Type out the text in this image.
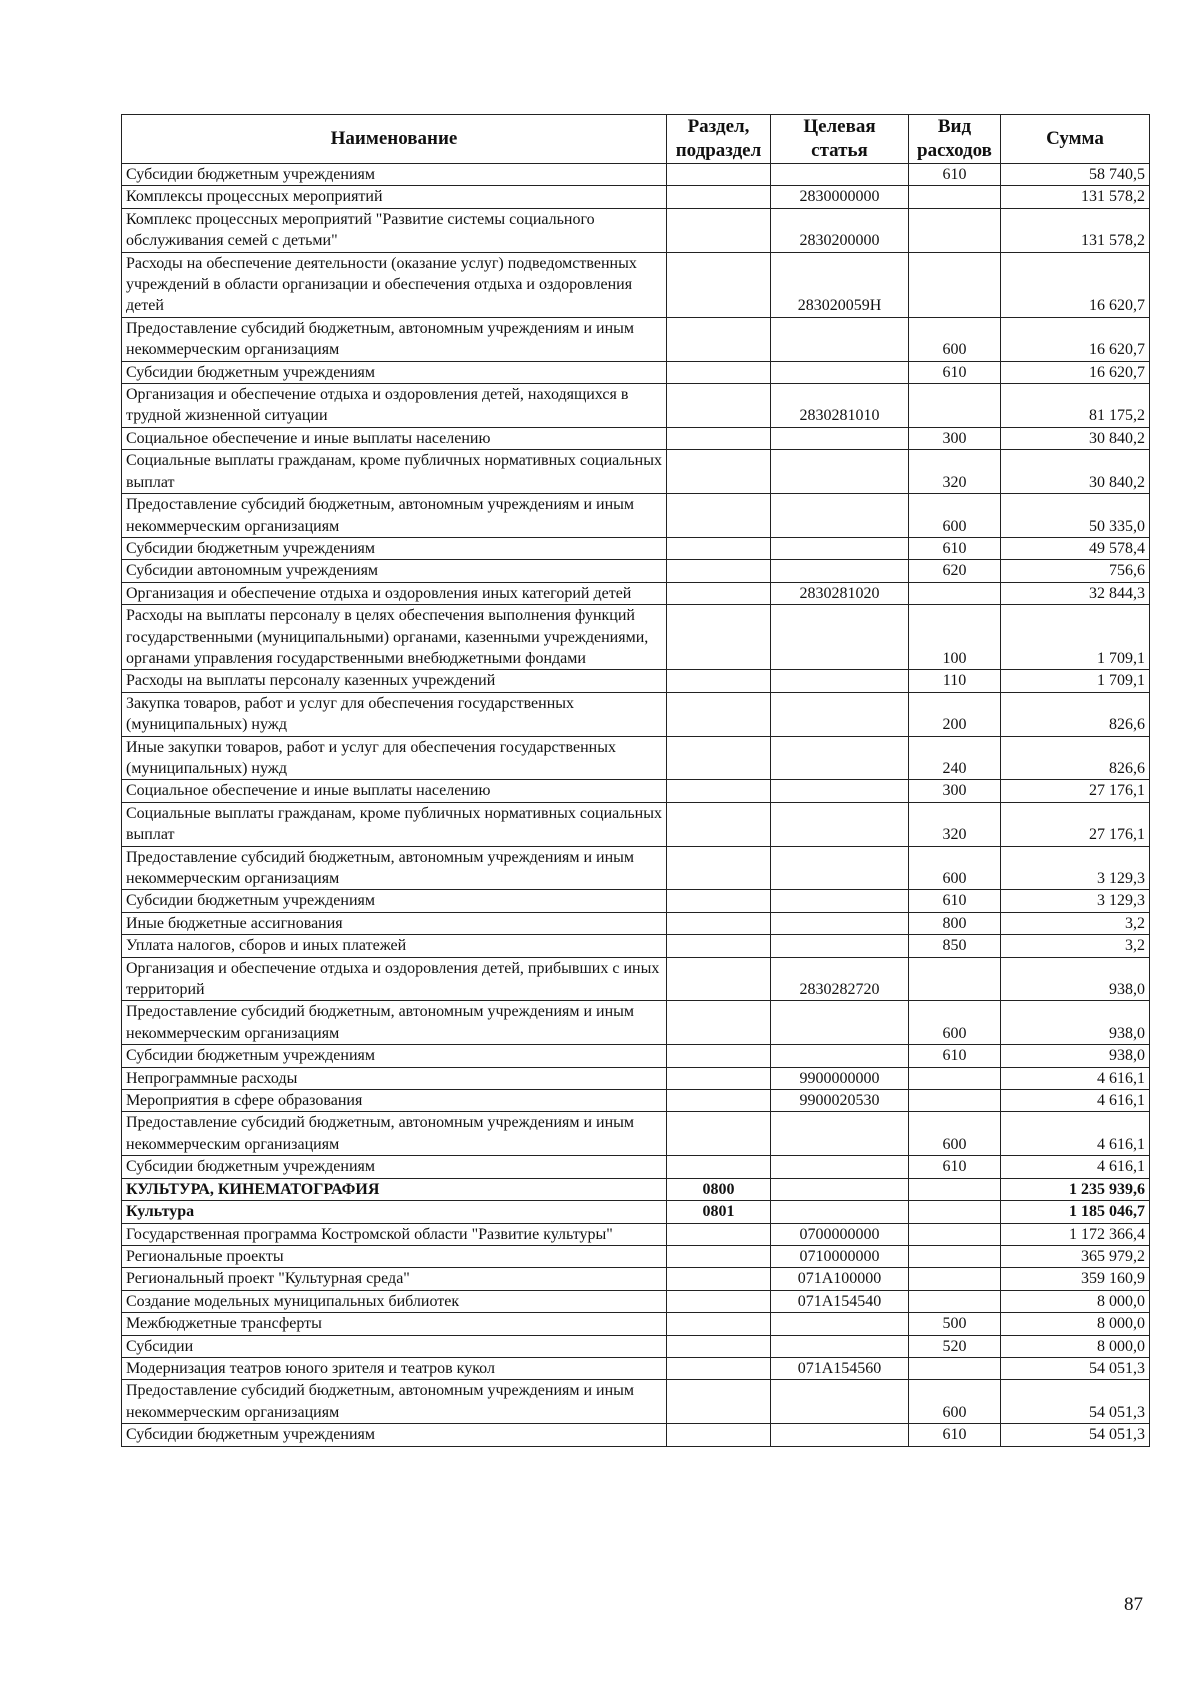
Наименование	Раздел, подраздел	Целевая статья	Вид расходов	Сумма
Субсидии бюджетным учреждениям			610	58 740,5
Комплексы процессных мероприятий		2830000000		131 578,2
Комплекс процессных мероприятий "Развитие системы социального обслуживания семей с детьми"		2830200000		131 578,2
Расходы на обеспечение деятельности (оказание услуг) подведомственных учреждений в области организации и обеспечения отдыха и оздоровления детей		283020059Н		16 620,7
Предоставление субсидий бюджетным, автономным учреждениям и иным некоммерческим организациям			600	16 620,7
Субсидии бюджетным учреждениям			610	16 620,7
Организация и обеспечение отдыха и оздоровления детей, находящихся в трудной жизненной ситуации		2830281010		81 175,2
Социальное обеспечение и иные выплаты населению			300	30 840,2
Социальные выплаты гражданам, кроме публичных нормативных социальных выплат			320	30 840,2
Предоставление субсидий бюджетным, автономным учреждениям и иным некоммерческим организациям			600	50 335,0
Субсидии бюджетным учреждениям			610	49 578,4
Субсидии автономным учреждениям			620	756,6
Организация и обеспечение отдыха и оздоровления иных категорий детей		2830281020		32 844,3
Расходы на выплаты персоналу в целях обеспечения выполнения функций государственными (муниципальными) органами, казенными учреждениями, органами управления государственными внебюджетными фондами			100	1 709,1
Расходы на выплаты персоналу казенных учреждений			110	1 709,1
Закупка товаров, работ и услуг для обеспечения государственных (муниципальных) нужд			200	826,6
Иные закупки товаров, работ и услуг для обеспечения государственных (муниципальных) нужд			240	826,6
Социальное обеспечение и иные выплаты населению			300	27 176,1
Социальные выплаты гражданам, кроме публичных нормативных социальных выплат			320	27 176,1
Предоставление субсидий бюджетным, автономным учреждениям и иным некоммерческим организациям			600	3 129,3
Субсидии бюджетным учреждениям			610	3 129,3
Иные бюджетные ассигнования			800	3,2
Уплата налогов, сборов и иных платежей			850	3,2
Организация и обеспечение отдыха и оздоровления детей, прибывших с иных территорий		2830282720		938,0
Предоставление субсидий бюджетным, автономным учреждениям и иным некоммерческим организациям			600	938,0
Субсидии бюджетным учреждениям			610	938,0
Непрограммные расходы		9900000000		4 616,1
Мероприятия в сфере образования		9900020530		4 616,1
Предоставление субсидий бюджетным, автономным учреждениям и иным некоммерческим организациям			600	4 616,1
Субсидии бюджетным учреждениям			610	4 616,1
КУЛЬТУРА, КИНЕМАТОГРАФИЯ	0800			1 235 939,6
Культура	0801			1 185 046,7
Государственная программа Костромской области "Развитие культуры"		0700000000		1 172 366,4
Региональные проекты		0710000000		365 979,2
Региональный проект "Культурная среда"		071А100000		359 160,9
Создание модельных муниципальных библиотек		071А154540		8 000,0
Межбюджетные трансферты			500	8 000,0
Субсидии			520	8 000,0
Модернизация театров юного зрителя и театров кукол		071А154560		54 051,3
Предоставление субсидий бюджетным, автономным учреждениям и иным некоммерческим организациям			600	54 051,3
Субсидии бюджетным учреждениям			610	54 051,3
87
